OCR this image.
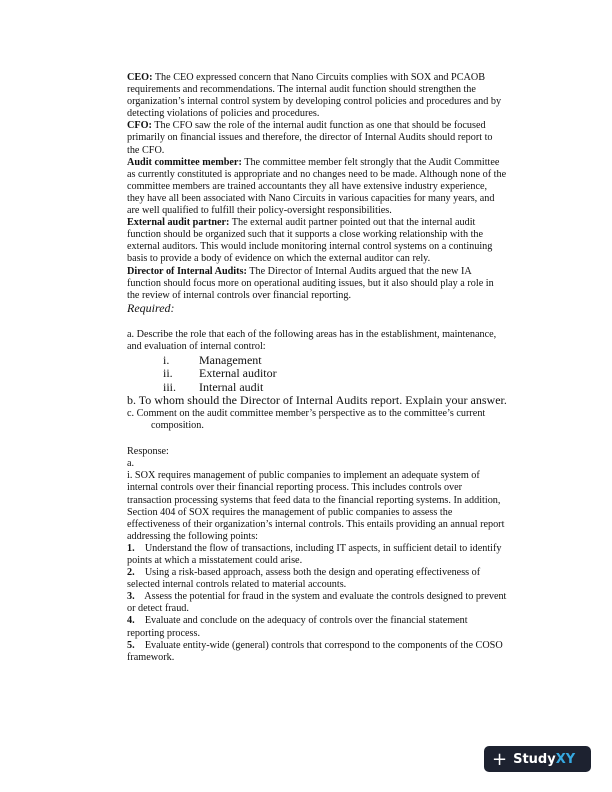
CEO: The CEO expressed concern that Nano Circuits complies with SOX and PCAOB requirements and recommendations. The internal audit function should strengthen the organization’s internal control system by developing control policies and procedures and by detecting violations of policies and procedures.

CFO: The CFO saw the role of the internal audit function as one that should be focused primarily on financial issues and therefore, the director of Internal Audits should report to the CFO.

Audit committee member: The committee member felt strongly that the Audit Committee as currently constituted is appropriate and no changes need to be made. Although none of the committee members are trained accountants they all have extensive industry experience, they have all been associated with Nano Circuits in various capacities for many years, and are well qualified to fulfill their policy-oversight responsibilities.

External audit partner: The external audit partner pointed out that the internal audit function should be organized such that it supports a close working relationship with the external auditors. This would include monitoring internal control systems on a continuing basis to provide a body of evidence on which the external auditor can rely.

Director of Internal Audits: The Director of Internal Audits argued that the new IA function should focus more on operational auditing issues, but it also should play a role in the review of internal controls over financial reporting.

Required:

a. Describe the role that each of the following areas has in the establishment, maintenance, and evaluation of internal control:

i.	Management
ii.	External auditor
iii.	Internal audit

b. To whom should the Director of Internal Audits report. Explain your answer.

c. Comment on the audit committee member’s perspective as to the committee’s current
composition.

Response:

a.

i. SOX requires management of public companies to implement an adequate system of internal controls over their financial reporting process. This includes controls over transaction processing systems that feed data to the financial reporting systems. In addition, Section 404 of SOX requires the management of public companies to assess the effectiveness of their organization’s internal controls. This entails providing an annual report addressing the following points:

1.    Understand the flow of transactions, including IT aspects, in sufficient detail to identify points at which a misstatement could arise.

2.    Using a risk-based approach, assess both the design and operating effectiveness of selected internal controls related to material accounts.

3.    Assess the potential for fraud in the system and evaluate the controls designed to prevent or detect fraud.

4.    Evaluate and conclude on the adequacy of controls over the financial statement reporting process.

5.    Evaluate entity-wide (general) controls that correspond to the components of the COSO framework.

+ Study XY
